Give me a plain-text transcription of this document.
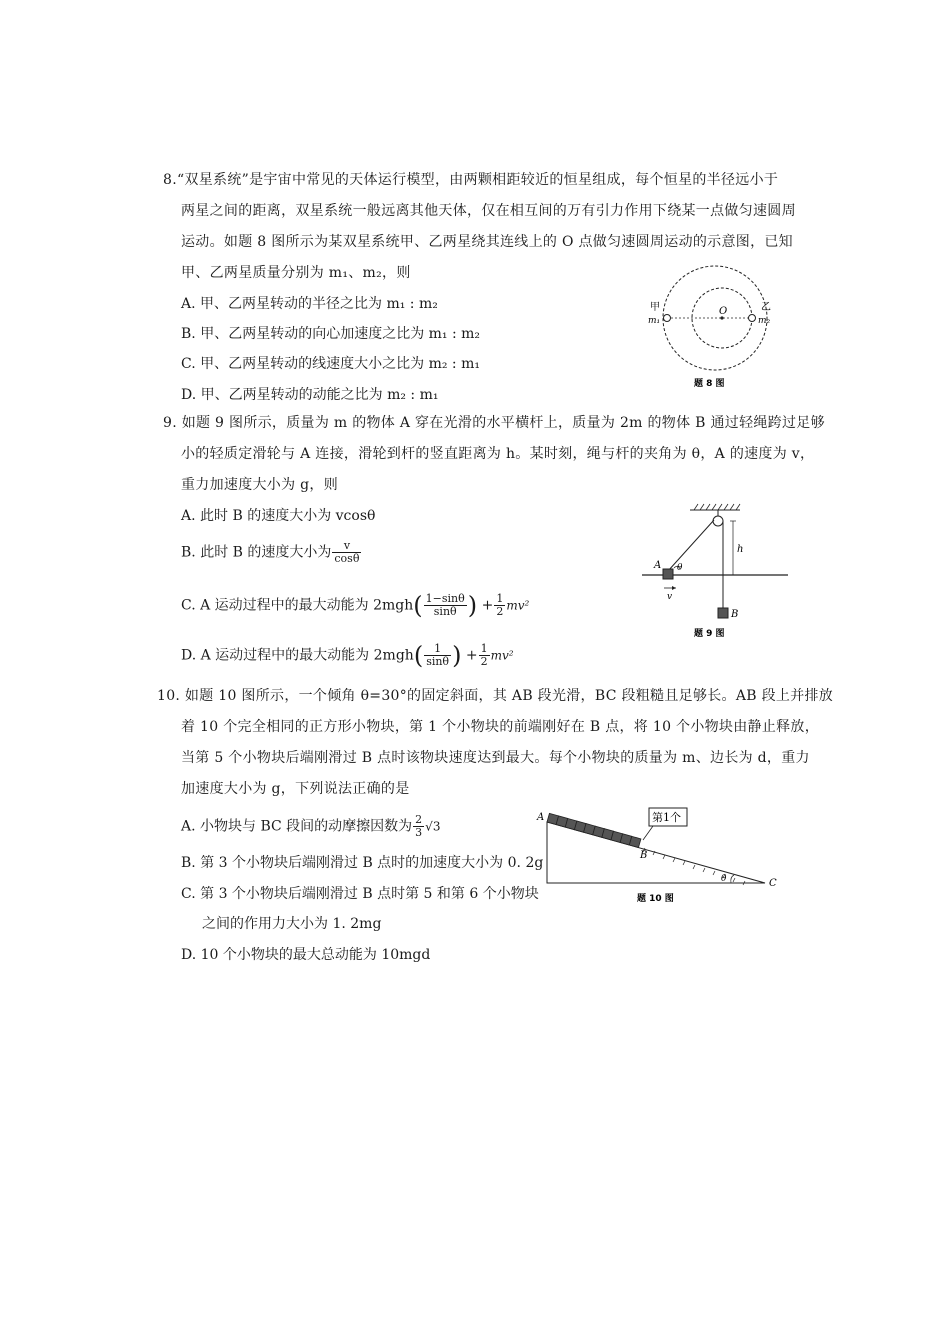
8.“双星系统”是宇宙中常见的天体运行模型，由两颗相距较近的恒星组成，每个恒星的半径远小于
两星之间的距离，双星系统一般远离其他天体，仅在相互间的万有引力作用下绕某一点做匀速圆周
运动。如题 8 图所示为某双星系统甲、乙两星绕其连线上的 O 点做匀速圆周运动的示意图，已知
甲、乙两星质量分别为 m₁、m₂，则
A. 甲、乙两星转动的半径之比为 m₁ : m₂
B. 甲、乙两星转动的向心加速度之比为 m₁ : m₂
C. 甲、乙两星转动的线速度大小之比为 m₂ : m₁
D. 甲、乙两星转动的动能之比为 m₂ : m₁
甲
m₁
O	乙
m₂
题 8 图
9. 如题 9 图所示，质量为 m 的物体 A 穿在光滑的水平横杆上，质量为 2m 的物体 B 通过轻绳跨过足够
小的轻质定滑轮与 A 连接，滑轮到杆的竖直距离为 h。某时刻，绳与杆的夹角为 θ，A 的速度为 v，
重力加速度大小为 g，则
A. 此时 B 的速度大小为 vcosθ
B. 此时 B 的速度大小为 $\frac{v}{\cos\theta}$
C. A 运动过程中的最大动能为 $2mgh( \frac{1-\sin\theta}{\sin\theta}$ ) + $\frac{1}{2} mv^2$
D. A 运动过程中的最大动能为 $2mgh( \frac{1}{\sin\theta}$ ) + $\frac{1}{2} mv^2$
A θ
h
v
B
题 9 图
10. 如题 10 图所示，一个倾角 θ=30°的固定斜面，其 AB 段光滑，BC 段粗糙且足够长。AB 段上并排放
着 10 个完全相同的正方形小物块，第 1 个小物块的前端刚好在 B 点，将 10 个小物块由静止释放，
当第 5 个小物块后端刚滑过 B 点时该物块速度达到最大。每个小物块的质量为 m、边长为 d，重力
加速度大小为 g，下列说法正确的是
A. 小物块与 BC 段间的动摩擦因数为 $\frac{2}{3} √3$
B. 第 3 个小物块后端刚滑过 B 点时的加速度大小为 0. 2g
C. 第 3 个小物块后端刚滑过 B 点时第 5 和第 6 个小物块
之间的作用力大小为 1. 2mg
D. 10 个小物块的最大总动能为 10mgd
第1个
A
B
C
θ
题 10 图
